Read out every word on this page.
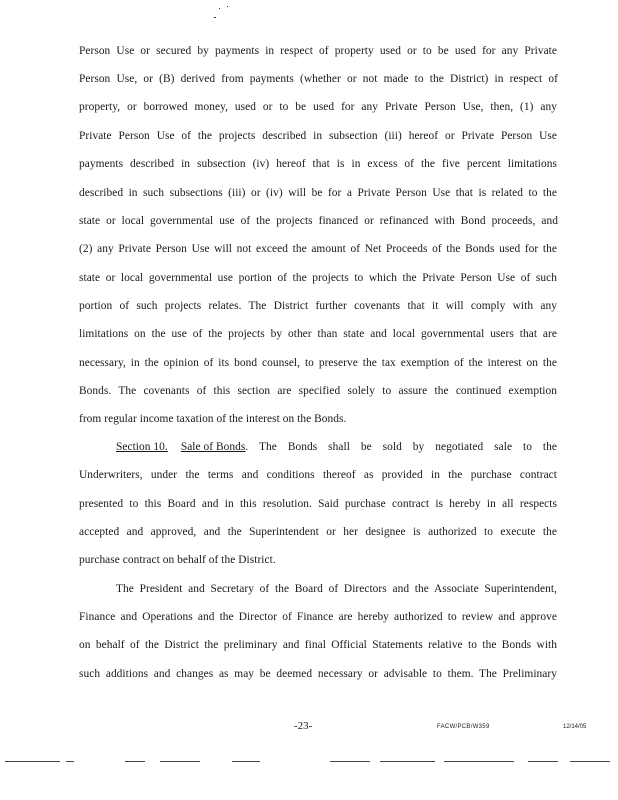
Person Use or secured by payments in respect of property used or to be used for any Private
Person Use, or (B) derived from payments (whether or not made to the District) in respect of
property, or borrowed money, used or to be used for any Private Person Use, then, (1) any
Private Person Use of the projects described in subsection (iii) hereof or Private Person Use
payments described in subsection (iv) hereof that is in excess of the five percent limitations
described in such subsections (iii) or (iv) will be for a Private Person Use that is related to the
state or local governmental use of the projects financed or refinanced with Bond proceeds, and
(2) any Private Person Use will not exceed the amount of Net Proceeds of the Bonds used for the
state or local governmental use portion of the projects to which the Private Person Use of such
portion of such projects relates. The District further covenants that it will comply with any
limitations on the use of the projects by other than state and local governmental users that are
necessary, in the opinion of its bond counsel, to preserve the tax exemption of the interest on the
Bonds. The covenants of this section are specified solely to assure the continued exemption
from regular income taxation of the interest on the Bonds.
Section 10. Sale of Bonds . The Bonds shall be sold by negotiated sale to the
Underwriters, under the terms and conditions thereof as provided in the purchase contract
presented to this Board and in this resolution. Said purchase contract is hereby in all respects
accepted and approved, and the Superintendent or her designee is authorized to execute the
purchase contract on behalf of the District.
The President and Secretary of the Board of Directors and the Associate Superintendent,
Finance and Operations and the Director of Finance are hereby authorized to review and approve
on behalf of the District the preliminary and final Official Statements relative to the Bonds with
such additions and changes as may be deemed necessary or advisable to them. The Preliminary
-23-	FACW/PCB/W359	12/14/05
